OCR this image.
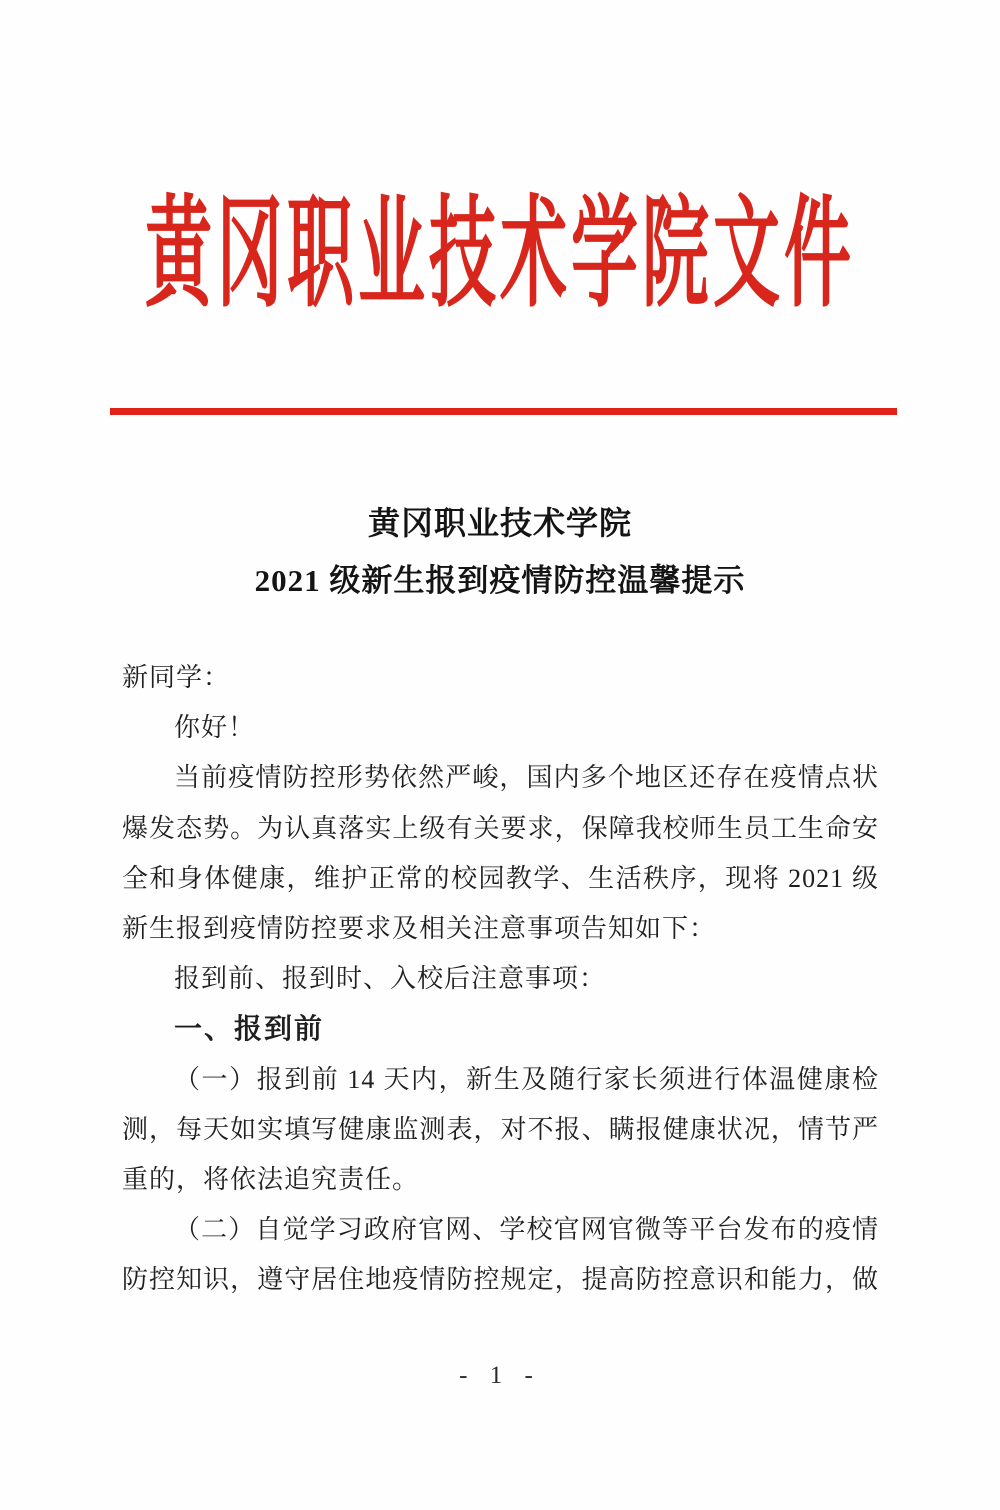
黄冈职业技术学院文件
黄冈职业技术学院
2021 级新生报到疫情防控温馨提示
新同学：
你好！
当前疫情防控形势依然严峻，国内多个地区还存在疫情点状
爆发态势。为认真落实上级有关要求，保障我校师生员工生命安
全和身体健康，维护正常的校园教学、生活秩序，现将 2021 级
新生报到疫情防控要求及相关注意事项告知如下：
报到前、报到时、入校后注意事项：
一、报到前
（一）报到前 14 天内，新生及随行家长须进行体温健康检
测，每天如实填写健康监测表，对不报、瞒报健康状况，情节严
重的，将依法追究责任。
（二）自觉学习政府官网、学校官网官微等平台发布的疫情
防控知识，遵守居住地疫情防控规定，提高防控意识和能力，做
- 1 -
